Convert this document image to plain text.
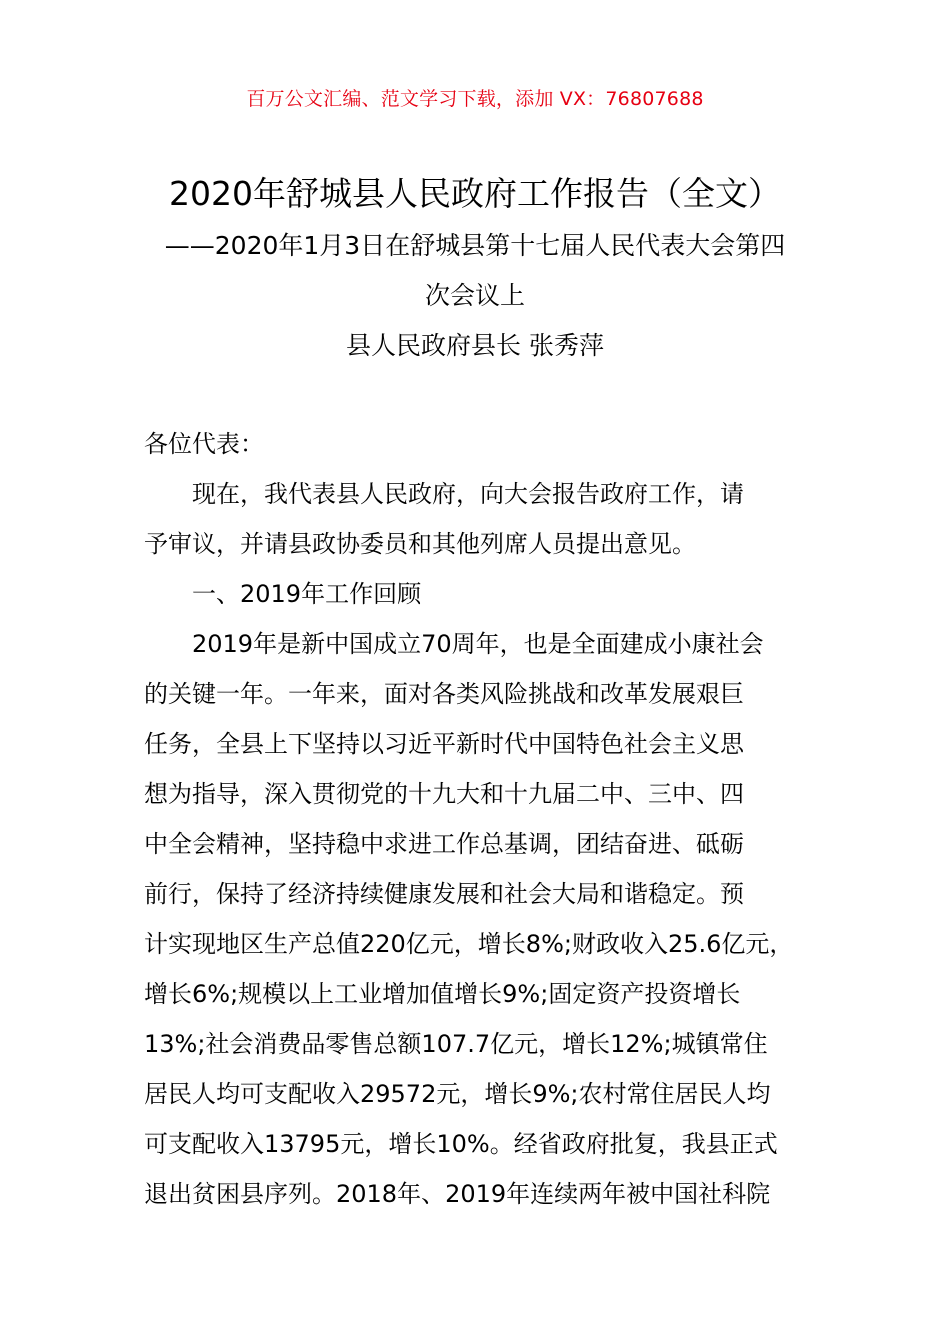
百万公文汇编、范文学习下载，添加 VX：76807688
2020年舒城县人民政府工作报告（全文）
——2020年1月3日在舒城县第十七届人民代表大会第四
次会议上
县人民政府县长 张秀萍
各位代表：
现在，我代表县人民政府，向大会报告政府工作，请
予审议，并请县政协委员和其他列席人员提出意见。
一、2019年工作回顾
2019年是新中国成立70周年，也是全面建成小康社会
的关键一年。一年来，面对各类风险挑战和改革发展艰巨
任务，全县上下坚持以习近平新时代中国特色社会主义思
想为指导，深入贯彻党的十九大和十九届二中、三中、四
中全会精神，坚持稳中求进工作总基调，团结奋进、砥砺
前行，保持了经济持续健康发展和社会大局和谐稳定。预
计实现地区生产总值220亿元，增长8%;财政收入25.6亿元，
增长6%;规模以上工业增加值增长9%;固定资产投资增长
13%;社会消费品零售总额107.7亿元，增长12%;城镇常住
居民人均可支配收入29572元，增长9%;农村常住居民人均
可支配收入13795元，增长10%。经省政府批复，我县正式
退出贫困县序列。2018年、2019年连续两年被中国社科院
